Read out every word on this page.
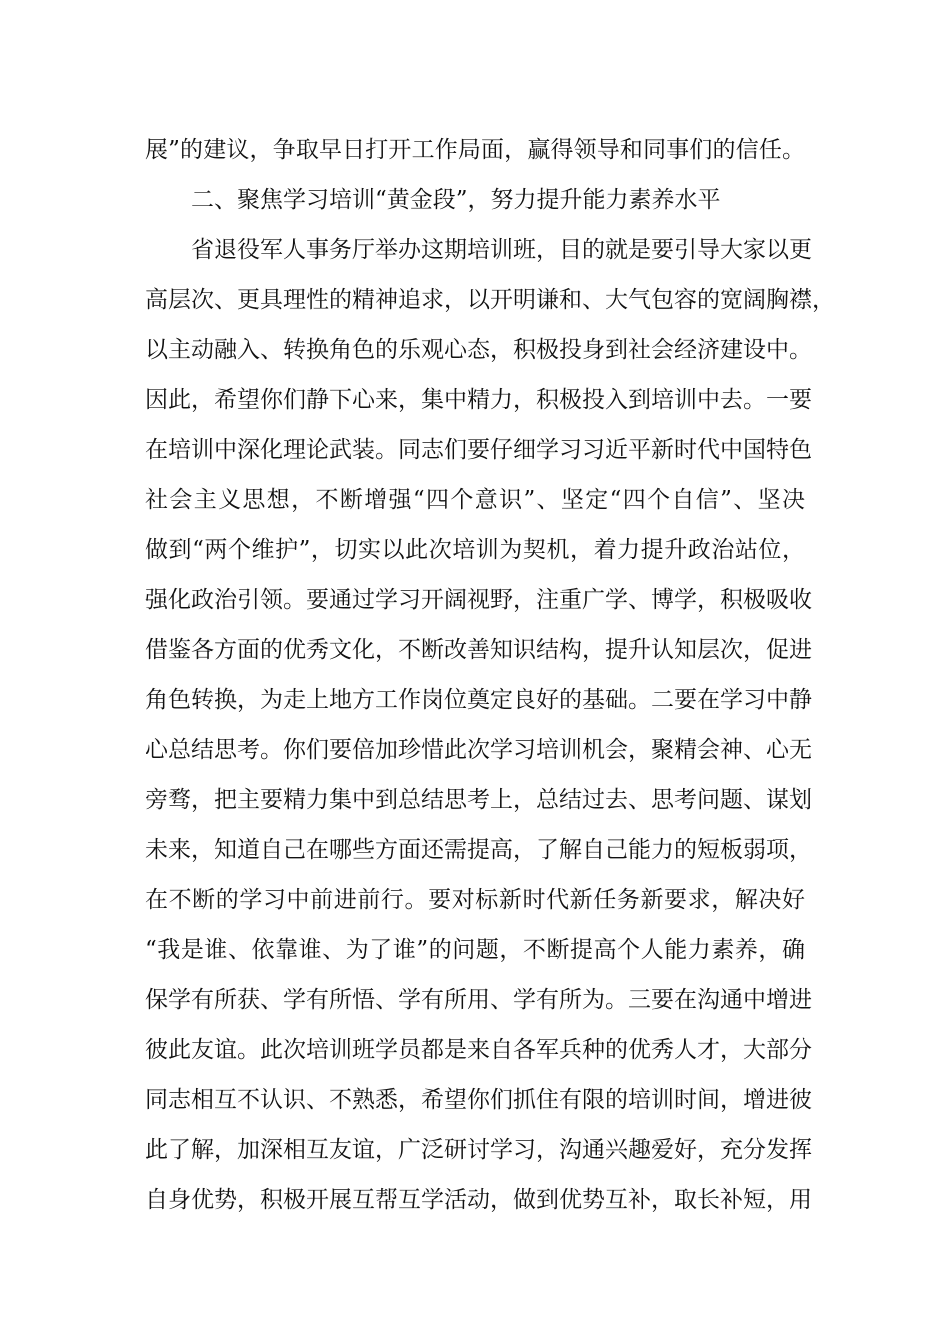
展”的建议，争取早日打开工作局面，赢得领导和同事们的信任。
二、聚焦学习培训“黄金段”，努力提升能力素养水平
省退役军人事务厅举办这期培训班，目的就是要引导大家以更
高层次、更具理性的精神追求，以开明谦和、大气包容的宽阔胸襟，
以主动融入、转换角色的乐观心态，积极投身到社会经济建设中。
因此，希望你们静下心来，集中精力，积极投入到培训中去。一要
在培训中深化理论武装。同志们要仔细学习习近平新时代中国特色
社会主义思想，不断增强“四个意识”、坚定“四个自信”、坚决
做到“两个维护”，切实以此次培训为契机，着力提升政治站位，
强化政治引领。要通过学习开阔视野，注重广学、博学，积极吸收
借鉴各方面的优秀文化，不断改善知识结构，提升认知层次，促进
角色转换，为走上地方工作岗位奠定良好的基础。二要在学习中静
心总结思考。你们要倍加珍惜此次学习培训机会，聚精会神、心无
旁骛，把主要精力集中到总结思考上，总结过去、思考问题、谋划
未来，知道自己在哪些方面还需提高，了解自己能力的短板弱项，
在不断的学习中前进前行。要对标新时代新任务新要求，解决好
“我是谁、依靠谁、为了谁”的问题，不断提高个人能力素养，确
保学有所获、学有所悟、学有所用、学有所为。三要在沟通中增进
彼此友谊。此次培训班学员都是来自各军兵种的优秀人才，大部分
同志相互不认识、不熟悉，希望你们抓住有限的培训时间，增进彼
此了解，加深相互友谊，广泛研讨学习，沟通兴趣爱好，充分发挥
自身优势，积极开展互帮互学活动，做到优势互补，取长补短，用
